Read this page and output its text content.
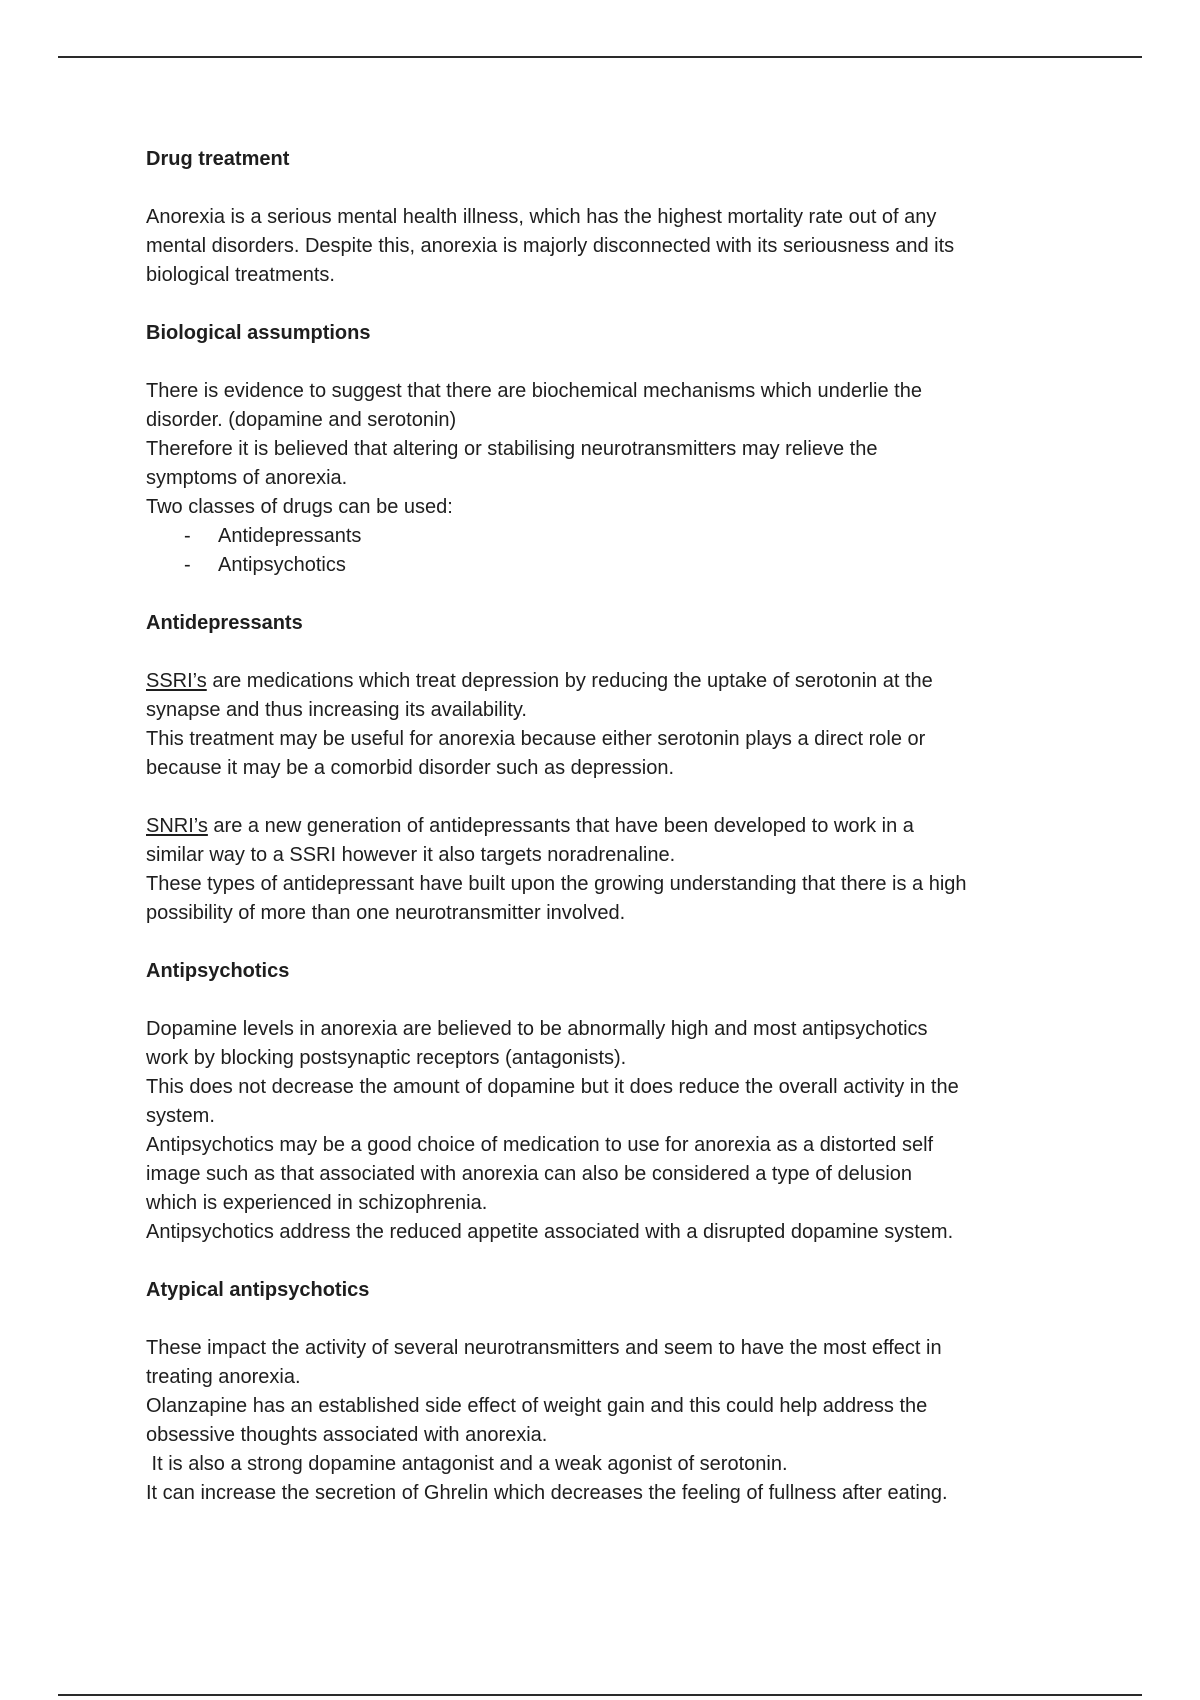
Drug treatment
Anorexia is a serious mental health illness, which has the highest mortality rate out of any
mental disorders. Despite this, anorexia is majorly disconnected with its seriousness and its
biological treatments.
Biological assumptions
There is evidence to suggest that there are biochemical mechanisms which underlie the
disorder. (dopamine and serotonin)
Therefore it is believed that altering or stabilising neurotransmitters may relieve the
symptoms of anorexia.
Two classes of drugs can be used:
- Antidepressants
- Antipsychotics
Antidepressants
SSRI’s are medications which treat depression by reducing the uptake of serotonin at the
synapse and thus increasing its availability.
This treatment may be useful for anorexia because either serotonin plays a direct role or
because it may be a comorbid disorder such as depression.
SNRI’s are a new generation of antidepressants that have been developed to work in a
similar way to a SSRI however it also targets noradrenaline.
These types of antidepressant have built upon the growing understanding that there is a high
possibility of more than one neurotransmitter involved.
Antipsychotics
Dopamine levels in anorexia are believed to be abnormally high and most antipsychotics
work by blocking postsynaptic receptors (antagonists).
This does not decrease the amount of dopamine but it does reduce the overall activity in the
system.
Antipsychotics may be a good choice of medication to use for anorexia as a distorted self
image such as that associated with anorexia can also be considered a type of delusion
which is experienced in schizophrenia.
Antipsychotics address the reduced appetite associated with a disrupted dopamine system.
Atypical antipsychotics
These impact the activity of several neurotransmitters and seem to have the most effect in
treating anorexia.
Olanzapine has an established side effect of weight gain and this could help address the
obsessive thoughts associated with anorexia.
It is also a strong dopamine antagonist and a weak agonist of serotonin.
It can increase the secretion of Ghrelin which decreases the feeling of fullness after eating.
